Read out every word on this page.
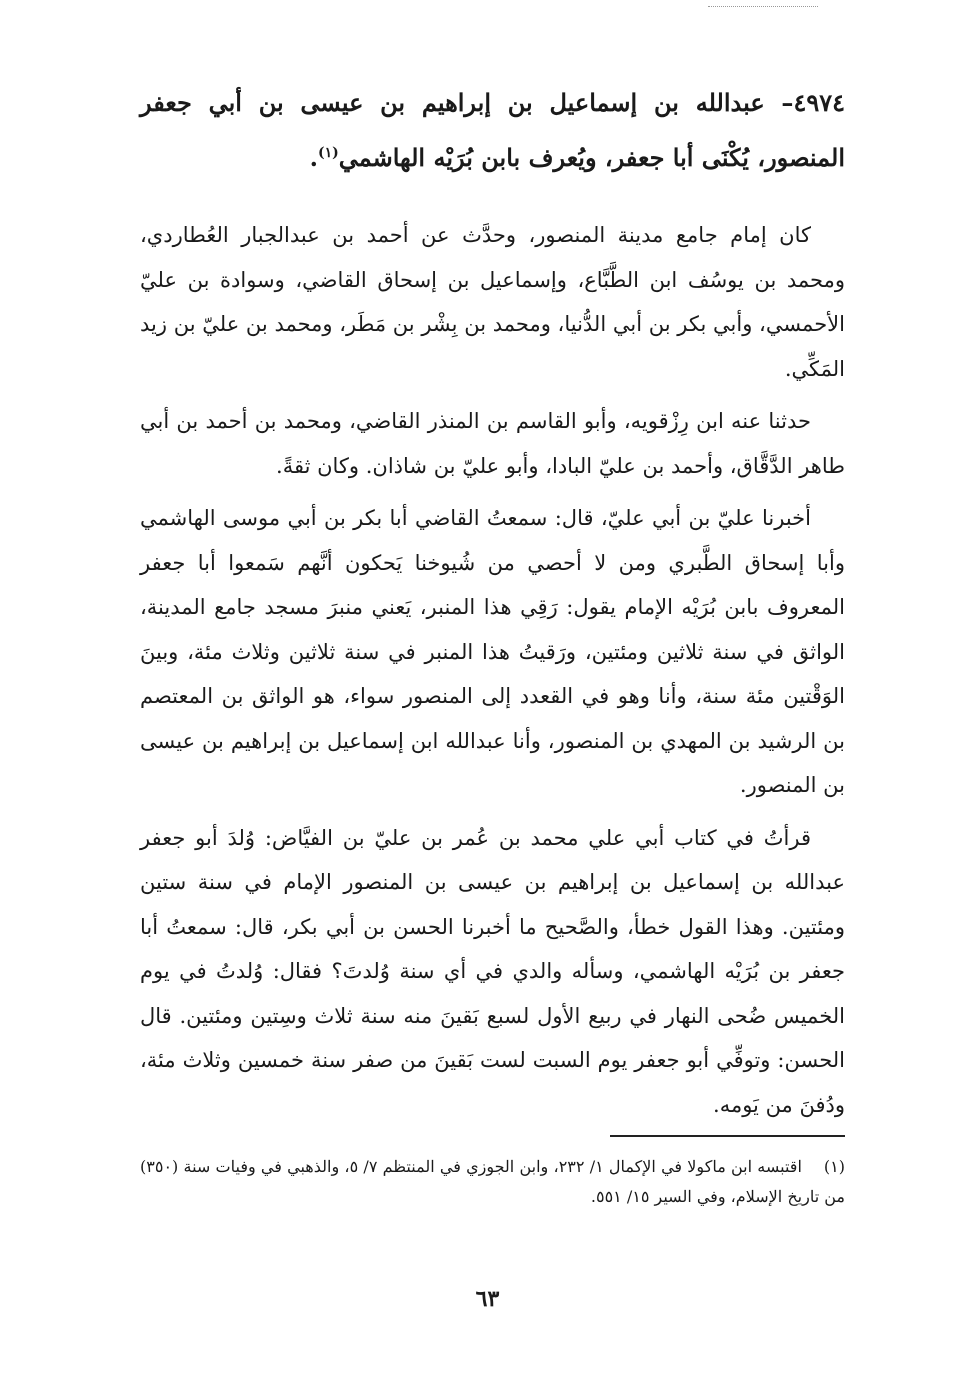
٤٩٧٤– عبدالله بن إسماعيل بن إبراهيم بن عيسى بن أبي جعفر المنصور، يُكْنَى أبا جعفر، ويُعرف بابن بُرَيْه الهاشمي$^{(١)}$.

كان إمام جامع مدينة المنصور، وحدَّث عن أحمد بن عبدالجبار العُطاردي، ومحمد بن يوسُف ابن الطَّبَّاع، وإسماعيل بن إسحاق القاضي، وسوادة بن عليّ الأحمسي، وأبي بكر بن أبي الدُّنيا، ومحمد بن بِشْر بن مَطَر، ومحمد بن عليّ بن زيد المَكِّي.

حدثنا عنه ابن رِزْقويه، وأبو القاسم بن المنذر القاضي، ومحمد بن أحمد بن أبي طاهر الدَّقَّاق، وأحمد بن عليّ البادا، وأبو عليّ بن شاذان. وكان ثقةً.

أخبرنا عليّ بن أبي عليّ، قال: سمعتُ القاضي أبا بكر بن أبي موسى الهاشمي وأبا إسحاق الطَّبري ومن لا أحصي من شُيوخنا يَحكون أنَّهم سَمعوا أبا جعفر المعروف بابن بُرَيْه الإمام يقول: رَقِي هذا المنبر، يَعني منبرَ مسجد جامع المدينة، الواثق في سنة ثلاثين ومئتين، ورَقيتُ هذا المنبر في سنة ثلاثين وثلاث مئة، وبينَ الوَقْتين مئة سنة، وأنا وهو في القعدد إلى المنصور سواء، هو الواثق بن المعتصم بن الرشيد بن المهدي بن المنصور، وأنا عبدالله ابن إسماعيل بن إبراهيم بن عيسى بن المنصور.

قرأتُ في كتاب أبي علي محمد بن عُمر بن عليّ بن الفيَّاض: وُلدَ أبو جعفر عبدالله بن إسماعيل بن إبراهيم بن عيسى بن المنصور الإمام في سنة ستين ومئتين. وهذا القول خطأ، والصَّحيح ما أخبرنا الحسن بن أبي بكر، قال: سمعتُ أبا جعفر بن بُرَيْه الهاشمي، وسأله والدي في أي سنة وُلدتَ؟ فقال: وُلدتُ في يوم الخميس ضُحى النهار في ربيع الأول لسبع بَقينَ منه سنة ثلاث وسِتين ومئتين. قال الحسن: وتوفِّي أبو جعفر يوم السبت لست بَقينَ من صفر سنة خمسين وثلاث مئة، ودُفنَ من يَومه.

(١)اقتبسه ابن ماكولا في الإكمال ١/ ٢٣٢، وابن الجوزي في المنتظم ٧/ ٥، والذهبي في وفيات سنة (٣٥٠) من تاريخ الإسلام، وفي السير ١٥/ ٥٥١.
٦٣
